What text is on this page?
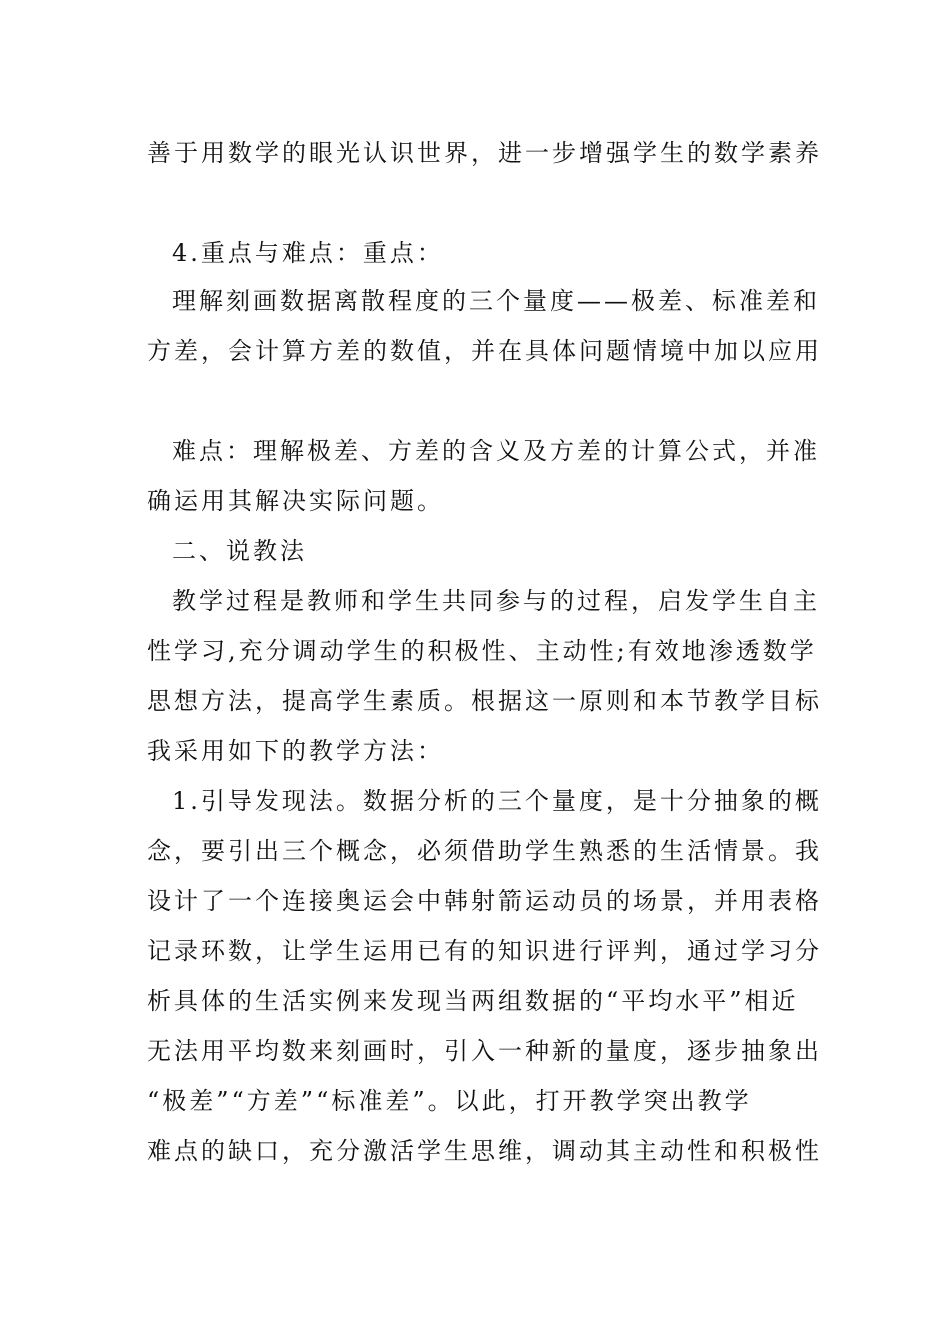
善于用数学的眼光认识世界，进一步增强学生的数学素养
4.重点与难点：重点：
理解刻画数据离散程度的三个量度——极差、标准差和
方差，会计算方差的数值，并在具体问题情境中加以应用
难点：理解极差、方差的含义及方差的计算公式，并准
确运用其解决实际问题。
二、说教法
教学过程是教师和学生共同参与的过程，启发学生自主
性学习,充分调动学生的积极性、主动性;有效地渗透数学
思想方法，提高学生素质。根据这一原则和本节教学目标
我采用如下的教学方法：
1.引导发现法。数据分析的三个量度，是十分抽象的概
念，要引出三个概念，必须借助学生熟悉的生活情景。我
设计了一个连接奥运会中韩射箭运动员的场景，并用表格
记录环数，让学生运用已有的知识进行评判，通过学习分
析具体的生活实例来发现当两组数据的“平均水平”相近
无法用平均数来刻画时，引入一种新的量度，逐步抽象出
“极差”“方差”“标准差”。以此，打开教学突出教学
难点的缺口，充分激活学生思维，调动其主动性和积极性
